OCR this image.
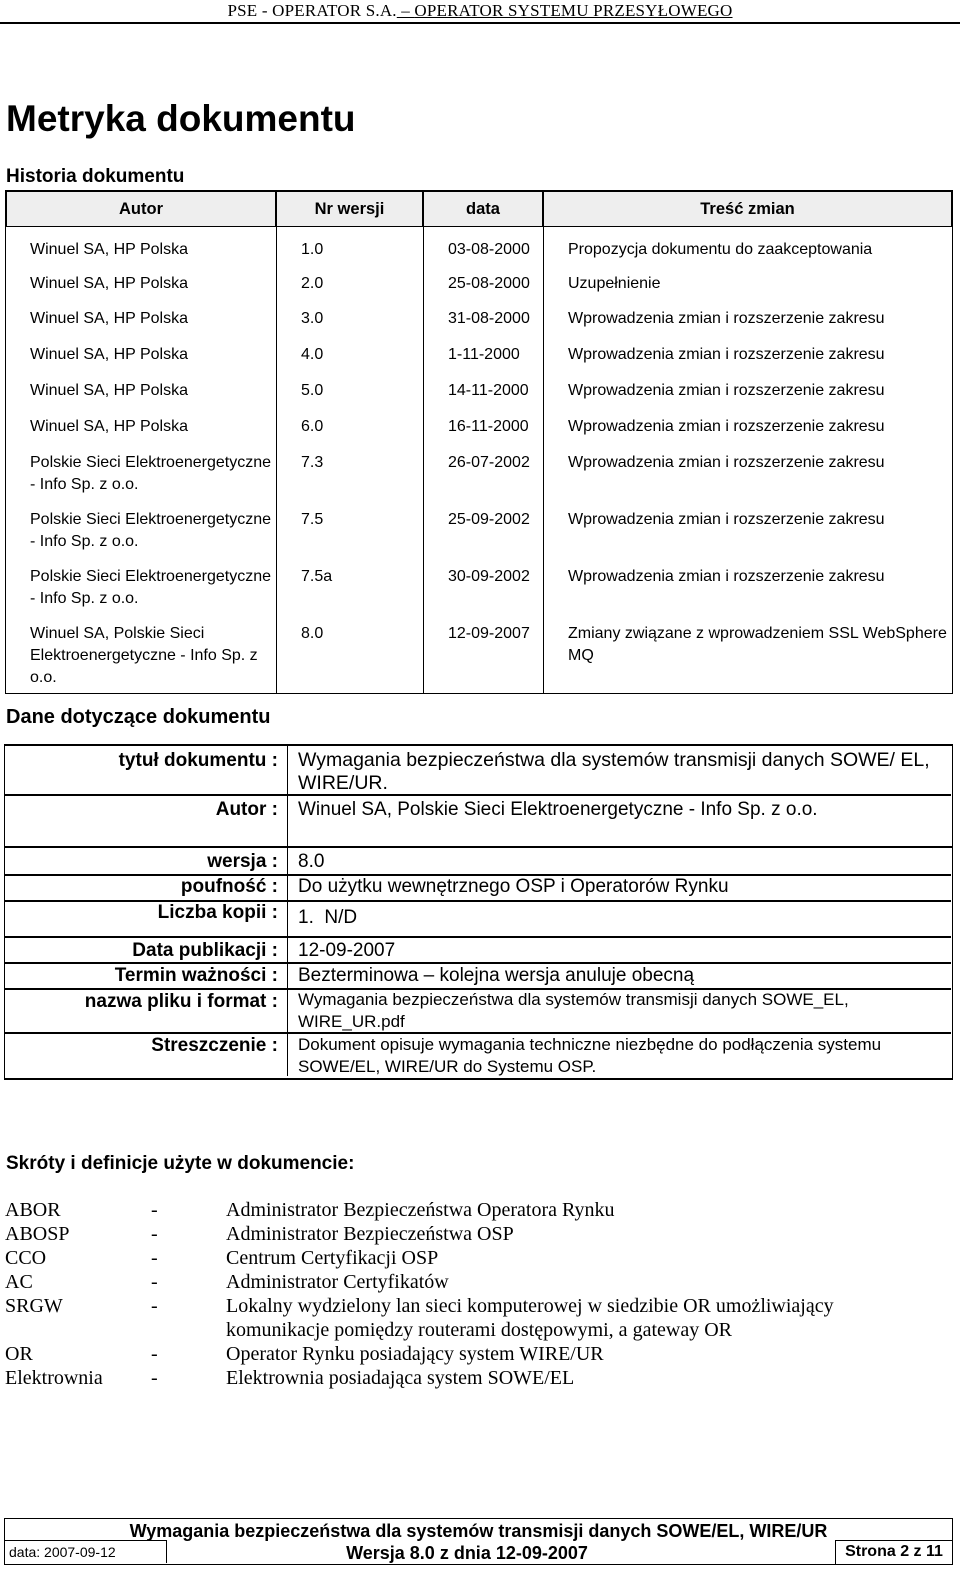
PSE - OPERATOR S.A. – OPERATOR SYSTEMU PRZESYŁOWEGO
Metryka dokumentu
Historia dokumentu
Autor	Nr wersji	data	Treść zmian
Winuel SA, HP Polska	1.0	03-08-2000	Propozycja dokumentu do zaakceptowania
Winuel SA, HP Polska	2.0	25-08-2000	Uzupełnienie
Winuel SA, HP Polska	3.0	31-08-2000	Wprowadzenia zmian i rozszerzenie zakresu
Winuel SA, HP Polska	4.0	1-11-2000	Wprowadzenia zmian i rozszerzenie zakresu
Winuel SA, HP Polska	5.0	14-11-2000	Wprowadzenia zmian i rozszerzenie zakresu
Winuel SA, HP Polska	6.0	16-11-2000	Wprowadzenia zmian i rozszerzenie zakresu
Polskie Sieci Elektroenergetyczne - Info Sp. z o.o.	7.3	26-07-2002	Wprowadzenia zmian i rozszerzenie zakresu
Polskie Sieci Elektroenergetyczne - Info Sp. z o.o.	7.5	25-09-2002	Wprowadzenia zmian i rozszerzenie zakresu
Polskie Sieci Elektroenergetyczne - Info Sp. z o.o.	7.5a	30-09-2002	Wprowadzenia zmian i rozszerzenie zakresu
Winuel SA, Polskie Sieci Elektroenergetyczne - Info Sp. z o.o.	8.0	12-09-2007	Zmiany związane z wprowadzeniem SSL WebSphere MQ
Dane dotyczące dokumentu
tytuł dokumentu : Wymagania bezpieczeństwa dla systemów transmisji danych SOWE/ EL, WIRE/UR.
Autor : Winuel SA, Polskie Sieci Elektroenergetyczne - Info Sp. z o.o.
wersja : 8.0
poufność : Do użytku wewnętrznego OSP i Operatorów Rynku
Liczba kopii : 1.  N/D
Data publikacji : 12-09-2007
Termin ważności : Bezterminowa – kolejna wersja anuluje obecną
nazwa pliku i format : Wymagania bezpieczeństwa dla systemów transmisji danych SOWE_EL, WIRE_UR.pdf
Streszczenie : Dokument opisuje wymagania techniczne niezbędne do podłączenia systemu SOWE/EL, WIRE/UR do Systemu OSP.
Skróty i definicje użyte w dokumencie:
ABOR	-	Administrator Bezpieczeństwa Operatora Rynku
ABOSP	-	Administrator Bezpieczeństwa OSP
CCO	-	Centrum Certyfikacji OSP
AC	-	Administrator Certyfikatów
SRGW	-	Lokalny wydzielony lan sieci komputerowej w siedzibie OR umożliwiający komunikacje pomiędzy routerami dostępowymi, a gateway OR
OR	-	Operator Rynku posiadający system WIRE/UR
Elektrownia -	Elektrownia posiadająca system SOWE/EL
Wymagania bezpieczeństwa dla systemów transmisji danych SOWE/EL, WIRE/UR
data: 2007-09-12	Wersja 8.0 z dnia 12-09-2007	Strona 2 z 11
